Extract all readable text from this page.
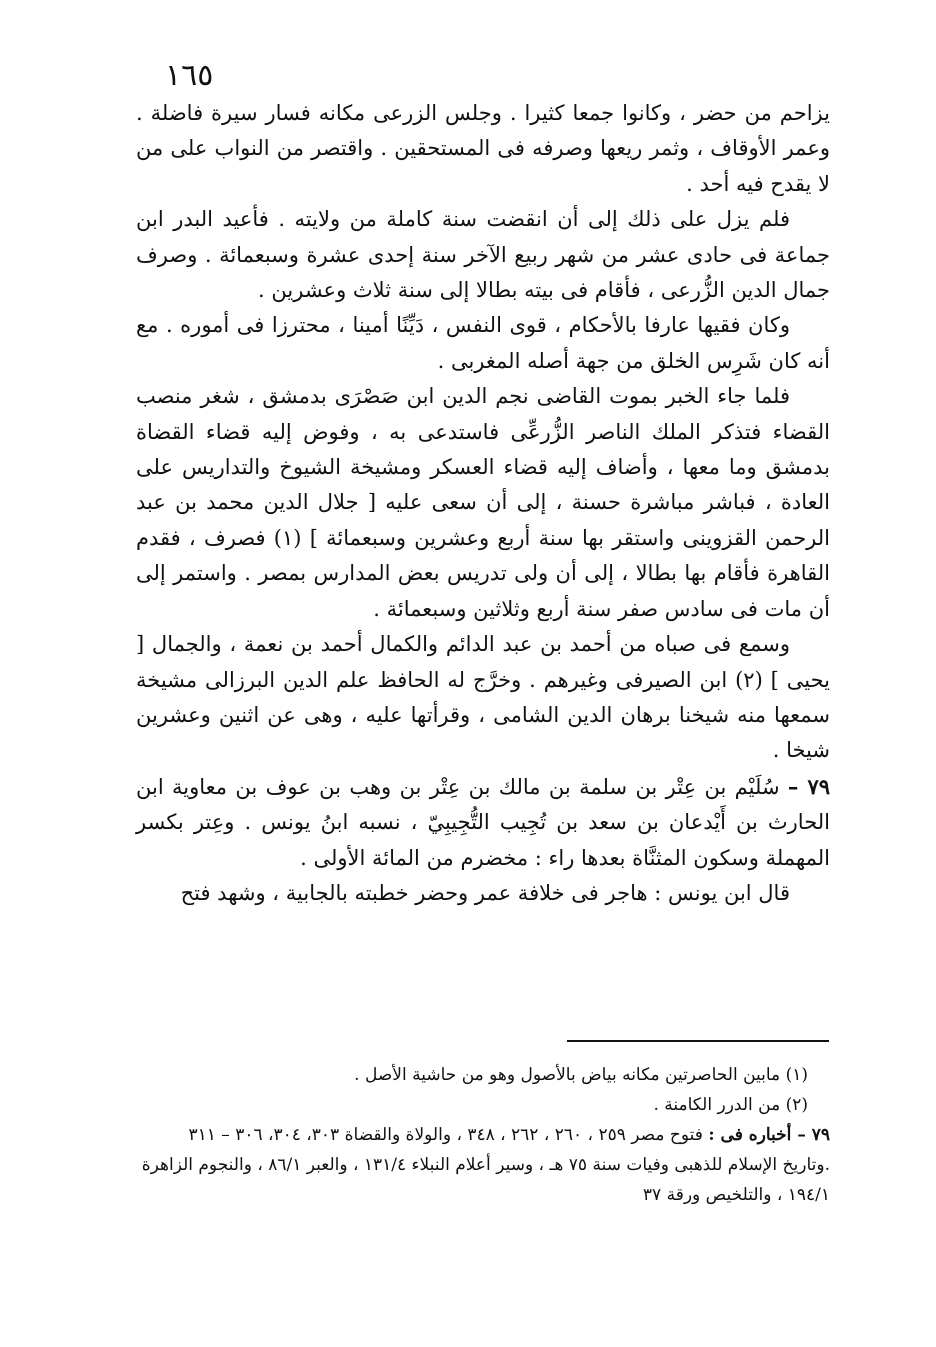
١٦٥

يزاحم من حضر ، وكانوا جمعا كثيرا . وجلس الزرعى مكانه فسار سيرة فاضلة . وعمر الأوقاف ، وثمر ريعها وصرفه فى المستحقين . واقتصر من النواب على من لا يقدح فيه أحد .

فلم يزل على ذلك إلى أن انقضت سنة كاملة من ولايته . فأعيد البدر ابن جماعة فى حادى عشر من شهر ربيع الآخر سنة إحدى عشرة وسبعمائة . وصرف جمال الدين الزُّرعى ، فأقام فى بيته بطالا إلى سنة ثلاث وعشرين .

وكان فقيها عارفا بالأحكام ، قوى النفس ، دَيِّنًا أمينا ، محترزا فى أموره . مع أنه كان شَرِس الخلق من جهة أصله المغربى .

فلما جاء الخبر بموت القاضى نجم الدين ابن صَصْرَى بدمشق ، شغر منصب القضاء فتذكر الملك الناصر الزُّرعِّى فاستدعى به ، وفوض إليه قضاء القضاة بدمشق وما معها ، وأضاف إليه قضاء العسكر ومشيخة الشيوخ والتداريس على العادة ، فباشر مباشرة حسنة ، إلى أن سعى عليه [ جلال الدين محمد بن عبد الرحمن القزوينى واستقر بها سنة أربع وعشرين وسبعمائة ] (١) فصرف ، فقدم القاهرة فأقام بها بطالا ، إلى أن ولى تدريس بعض المدارس بمصر . واستمر إلى أن مات فى سادس صفر سنة أربع وثلاثين وسبعمائة .

وسمع فى صباه من أحمد بن عبد الدائم والكمال أحمد بن نعمة ، والجمال [ يحيى ] (٢) ابن الصيرفى وغيرهم . وخرَّج له الحافظ علم الدين البرزالى مشيخة سمعها منه شيخنا برهان الدين الشامى ، وقرأتها عليه ، وهى عن اثنين وعشرين شيخا .

٧٩ – سُلَيْم بن عِتْر بن سلمة بن مالك بن عِتْر بن وهب بن عوف بن معاوية ابن الحارث بن أَيْدعان بن سعد بن تُجِيب التُّجِيبِيّ ، نسبه ابنُ يونس . وعِتر بكسر المهملة وسكون المثنَّاة بعدها راء : مخضرم من المائة الأولى .

قال ابن يونس : هاجر فى خلافة عمر وحضر خطبته بالجابية ، وشهد فتح

(١) مابين الحاصرتين مكانه بياض بالأصول وهو من حاشية الأصل .

(٢) من الدرر الكامنة .

٧٩ – أخباره فى : فتوح مصر ٢٥٩ ، ٢٦٠ ، ٢٦٢ ، ٣٤٨ ، والولاة والقضاة ٣٠٣، ٣٠٤، ٣٠٦ – ٣١١ .وتاريخ الإسلام للذهبى وفيات سنة ٧٥ هـ ، وسير أعلام النبلاء ١٣١/٤ ، والعبر ٨٦/١ ، والنجوم الزاهرة ١٩٤/١ ، والتلخيص ورقة ٣٧
